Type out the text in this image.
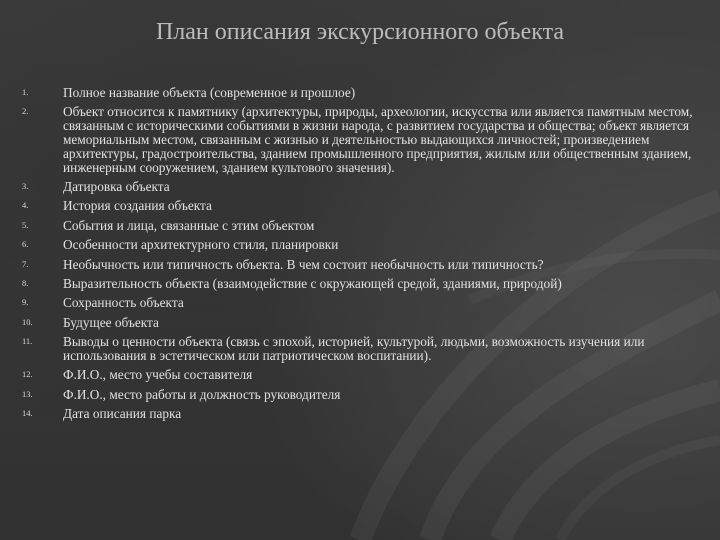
План описания экскурсионного объекта
1.	Полное название объекта (современное и прошлое)
2.	Объект относится к памятнику (архитектуры, природы, археологии, искусства или является памятным местом, связанным с историческими событиями в жизни народа, с развитием государства и общества; объект является мемориальным местом, связанным с жизнью и деятельностью выдающихся личностей; произведением архитектуры, градостроительства, зданием промышленного предприятия, жилым или общественным зданием, инженерным сооружением, зданием культового значения).
3.	Датировка объекта
4.	История создания объекта
5.	События и лица, связанные с этим объектом
6.	Особенности архитектурного стиля, планировки
7.	Необычность или типичность объекта. В чем состоит необычность или типичность?
8.	Выразительность объекта (взаимодействие с окружающей средой, зданиями, природой)
9.	Сохранность объекта
10.	Будущее объекта
11.	Выводы о ценности объекта (связь с эпохой, историей, культурой, людьми, возможность изучения или использования в эстетическом или патриотическом воспитании).
12.	Ф.И.О., место учебы составителя
13.	Ф.И.О., место работы и должность руководителя
14.	Дата описания парка
